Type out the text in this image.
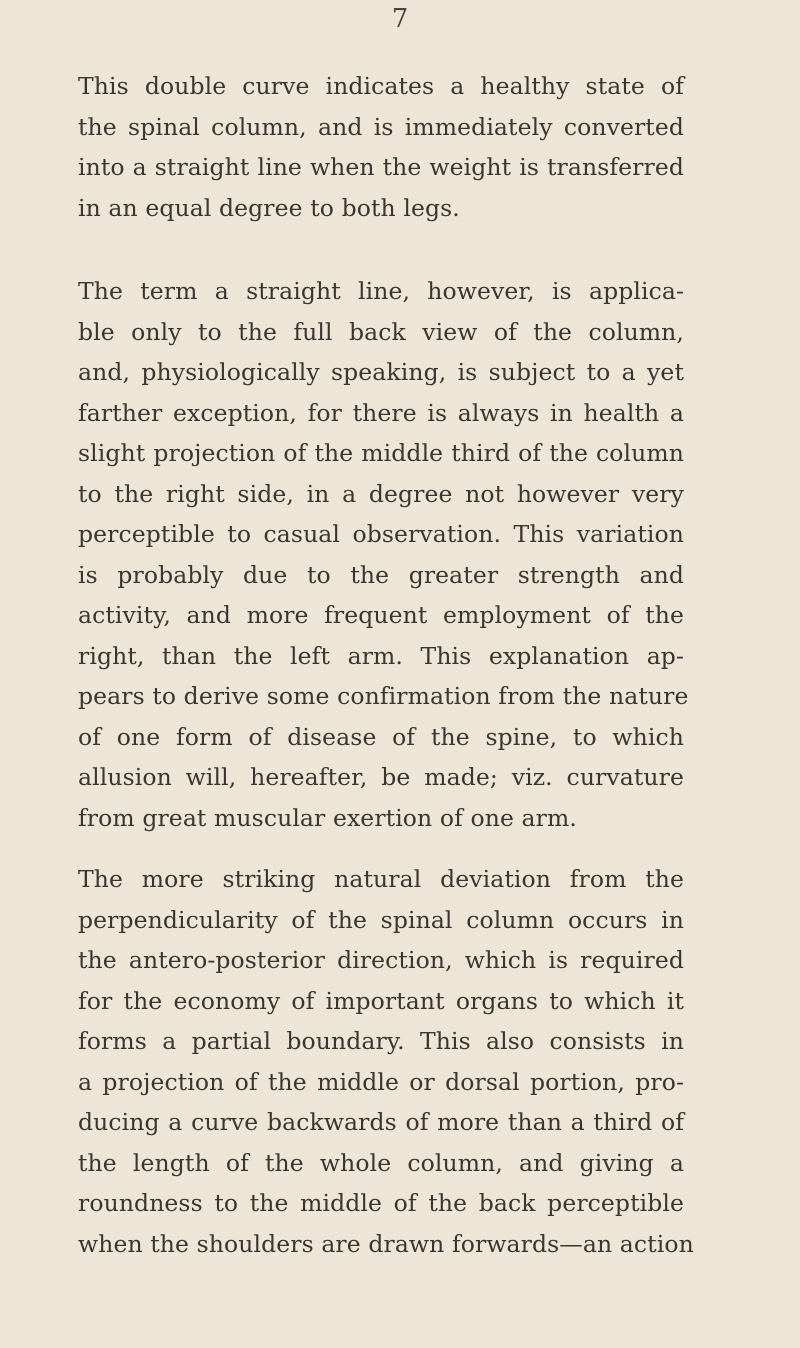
7
This double curve indicates a healthy state of
the spinal column, and is immediately converted
into a straight line when the weight is transferred
in an equal degree to both legs.
The term a straight line, however, is applica-
ble only to the full back view of the column,
and, physiologically speaking, is subject to a yet
farther exception, for there is always in health a
slight projection of the middle third of the column
to the right side, in a degree not however very
perceptible to casual observation. This variation
is probably due to the greater strength and
activity, and more frequent employment of the
right, than the left arm. This explanation ap-
pears to derive some confirmation from the nature
of one form of disease of the spine, to which
allusion will, hereafter, be made; viz. curvature
from great muscular exertion of one arm.
The more striking natural deviation from the
perpendicularity of the spinal column occurs in
the antero-posterior direction, which is required
for the economy of important organs to which it
forms a partial boundary. This also consists in
a projection of the middle or dorsal portion, pro-
ducing a curve backwards of more than a third of
the length of the whole column, and giving a
roundness to the middle of the back perceptible
when the shoulders are drawn forwards—an action
